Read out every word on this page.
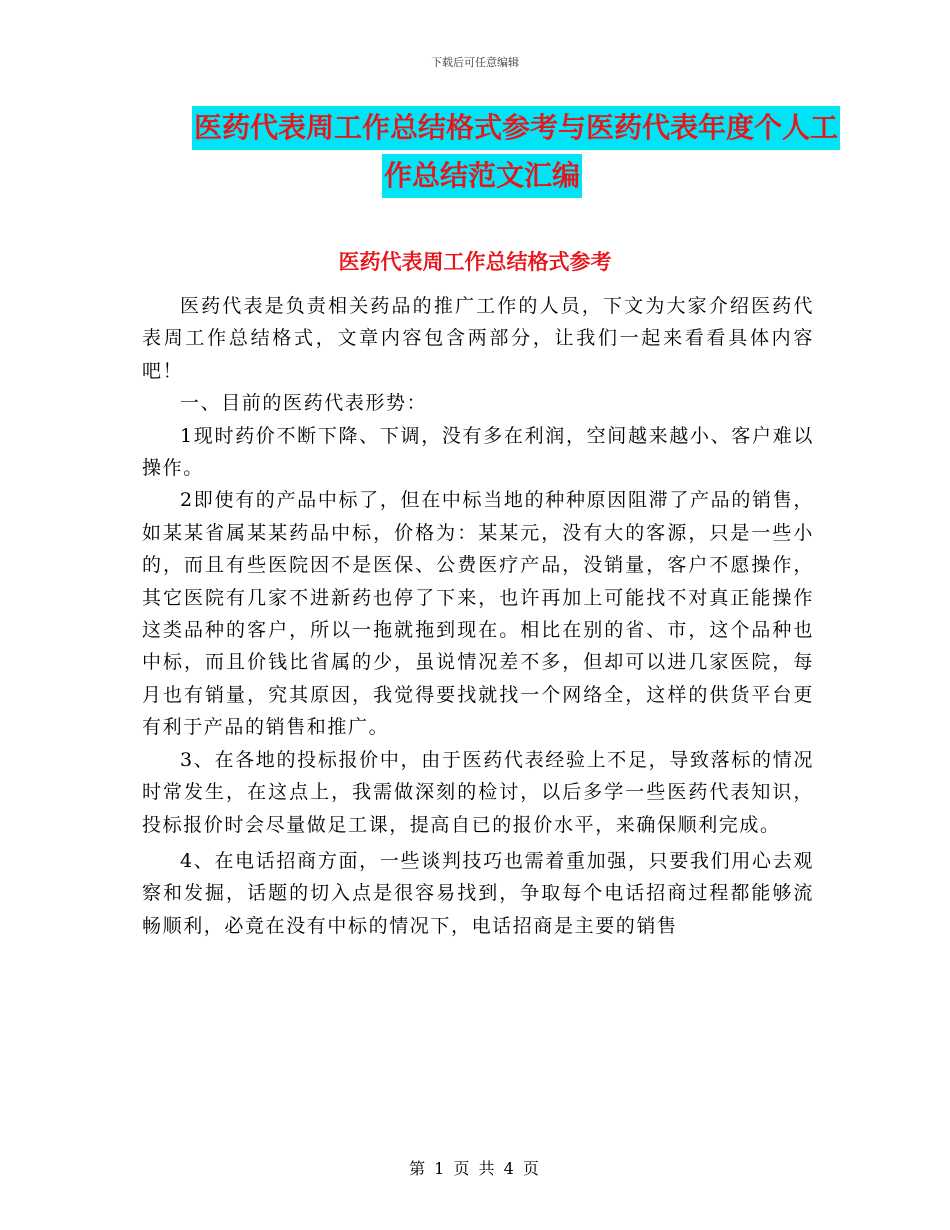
下载后可任意编辑
医药代表周工作总结格式参考与医药代表年度个人工
作总结范文汇编
医药代表周工作总结格式参考

医药代表是负责相关药品的推广工作的人员，下文为大家介绍医药代表周工作总结格式，文章内容包含两部分，让我们一起来看看具体内容吧！

一、目前的医药代表形势：

1现时药价不断下降、下调，没有多在利润，空间越来越小、客户难以操作。

2即使有的产品中标了，但在中标当地的种种原因阻滞了产品的销售，如某某省属某某药品中标，价格为：某某元，没有大的客源，只是一些小的，而且有些医院因不是医保、公费医疗产品，没销量，客户不愿操作，其它医院有几家不进新药也停了下来，也许再加上可能找不对真正能操作这类品种的客户，所以一拖就拖到现在。相比在别的省、市，这个品种也中标，而且价钱比省属的少，虽说情况差不多，但却可以进几家医院，每月也有销量，究其原因，我觉得要找就找一个网络全，这样的供货平台更有利于产品的销售和推广。

3、在各地的投标报价中，由于医药代表经验上不足，导致落标的情况时常发生，在这点上，我需做深刻的检讨，以后多学一些医药代表知识，投标报价时会尽量做足工课，提高自已的报价水平，来确保顺利完成。

4、在电话招商方面，一些谈判技巧也需着重加强，只要我们用心去观察和发掘，话题的切入点是很容易找到，争取每个电话招商过程都能够流畅顺利，必竟在没有中标的情况下，电话招商是主要的销售

第 1 页 共 4 页
